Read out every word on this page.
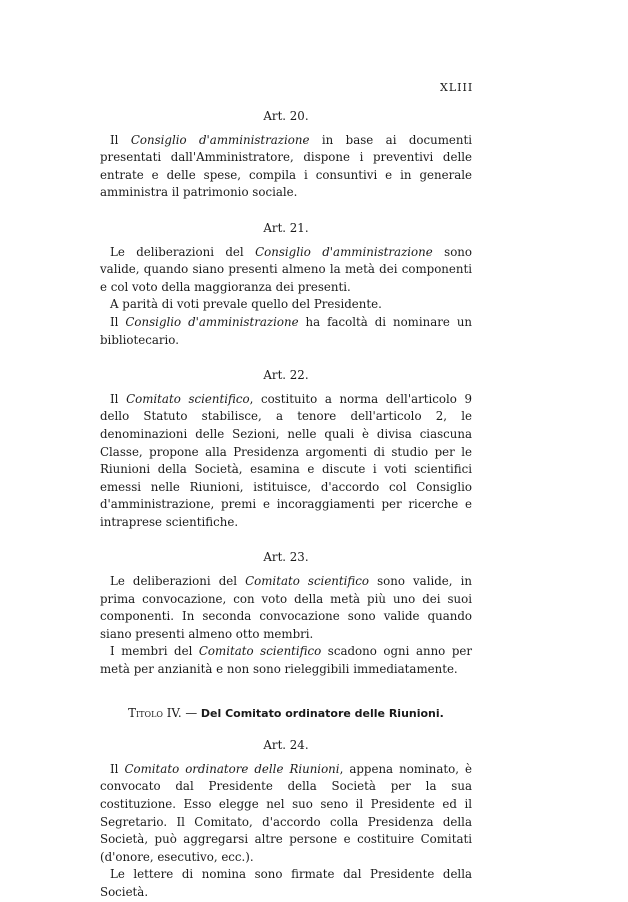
XLIII

Art. 20.

Il Consiglio d'amministrazione in base ai documenti presentati dall'Amministratore, dispone i preventivi delle entrate e delle spese, compila i consuntivi e in generale amministra il patrimonio sociale.

Art. 21.

Le deliberazioni del Consiglio d'amministrazione sono valide, quando siano presenti almeno la metà dei componenti e col voto della maggioranza dei presenti.

A parità di voti prevale quello del Presidente.

Il Consiglio d'amministrazione ha facoltà di nominare un bibliotecario.

Art. 22.

Il Comitato scientifico, costituito a norma dell'articolo 9 dello Statuto stabilisce, a tenore dell'articolo 2, le denominazioni delle Sezioni, nelle quali è divisa ciascuna Classe, propone alla Presidenza argomenti di studio per le Riunioni della Società, esamina e discute i voti scientifici emessi nelle Riunioni, istituisce, d'accordo col Consiglio d'amministrazione, premi e incoraggiamenti per ricerche e intraprese scientifiche.

Art. 23.

Le deliberazioni del Comitato scientifico sono valide, in prima convocazione, con voto della metà più uno dei suoi componenti. In seconda convocazione sono valide quando siano presenti almeno otto membri.

I membri del Comitato scientifico scadono ogni anno per metà per anzianità e non sono rieleggibili immediatamente.

Titolo IV. — Del Comitato ordinatore delle Riunioni.

Art. 24.

Il Comitato ordinatore delle Riunioni, appena nominato, è convocato dal Presidente della Società per la sua costituzione. Esso elegge nel suo seno il Presidente ed il Segretario. Il Comitato, d'accordo colla Presidenza della Società, può aggregarsi altre persone e costituire Comitati (d'onore, esecutivo, ecc.).

Le lettere di nomina sono firmate dal Presidente della Società.
